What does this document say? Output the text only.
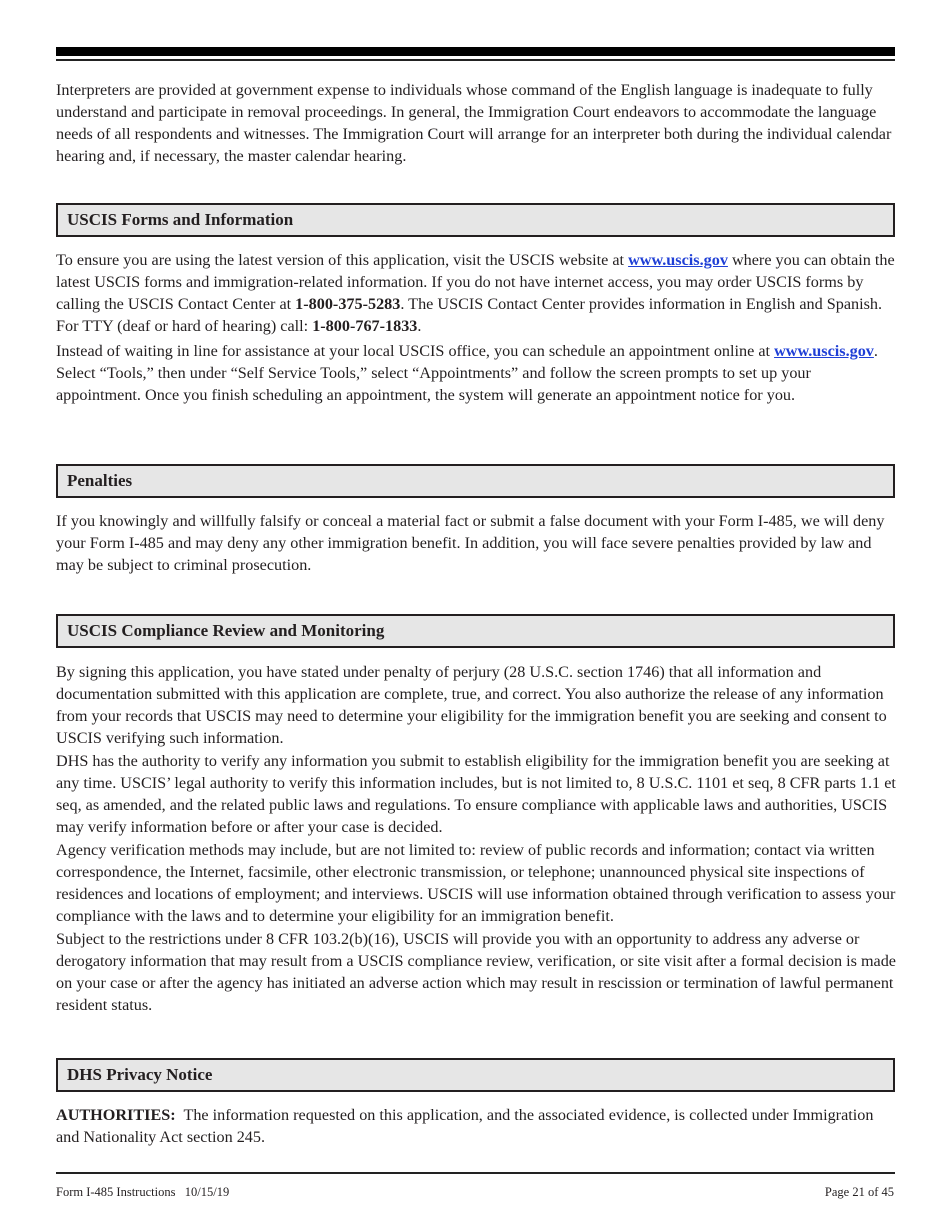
Interpreters are provided at government expense to individuals whose command of the English language is inadequate to fully understand and participate in removal proceedings. In general, the Immigration Court endeavors to accommodate the language needs of all respondents and witnesses. The Immigration Court will arrange for an interpreter both during the individual calendar hearing and, if necessary, the master calendar hearing.

USCIS Forms and Information

To ensure you are using the latest version of this application, visit the USCIS website at www.uscis.gov where you can obtain the latest USCIS forms and immigration-related information. If you do not have internet access, you may order USCIS forms by calling the USCIS Contact Center at 1-800-375-5283. The USCIS Contact Center provides information in English and Spanish. For TTY (deaf or hard of hearing) call: 1-800-767-1833.

Instead of waiting in line for assistance at your local USCIS office, you can schedule an appointment online at www.uscis.gov. Select “Tools,” then under “Self Service Tools,” select “Appointments” and follow the screen prompts to set up your appointment. Once you finish scheduling an appointment, the system will generate an appointment notice for you.

Penalties

If you knowingly and willfully falsify or conceal a material fact or submit a false document with your Form I-485, we will deny your Form I-485 and may deny any other immigration benefit. In addition, you will face severe penalties provided by law and may be subject to criminal prosecution.

USCIS Compliance Review and Monitoring

By signing this application, you have stated under penalty of perjury (28 U.S.C. section 1746) that all information and documentation submitted with this application are complete, true, and correct. You also authorize the release of any information from your records that USCIS may need to determine your eligibility for the immigration benefit you are seeking and consent to USCIS verifying such information.

DHS has the authority to verify any information you submit to establish eligibility for the immigration benefit you are seeking at any time. USCIS’ legal authority to verify this information includes, but is not limited to, 8 U.S.C. 1101 et seq, 8 CFR parts 1.1 et seq, as amended, and the related public laws and regulations. To ensure compliance with applicable laws and authorities, USCIS may verify information before or after your case is decided.

Agency verification methods may include, but are not limited to: review of public records and information; contact via written correspondence, the Internet, facsimile, other electronic transmission, or telephone; unannounced physical site inspections of residences and locations of employment; and interviews. USCIS will use information obtained through verification to assess your compliance with the laws and to determine your eligibility for an immigration benefit.

Subject to the restrictions under 8 CFR 103.2(b)(16), USCIS will provide you with an opportunity to address any adverse or derogatory information that may result from a USCIS compliance review, verification, or site visit after a formal decision is made on your case or after the agency has initiated an adverse action which may result in rescission or termination of lawful permanent resident status.

DHS Privacy Notice

AUTHORITIES:  The information requested on this application, and the associated evidence, is collected under Immigration and Nationality Act section 245.

Form I-485 Instructions   10/15/19	Page 21 of 45
